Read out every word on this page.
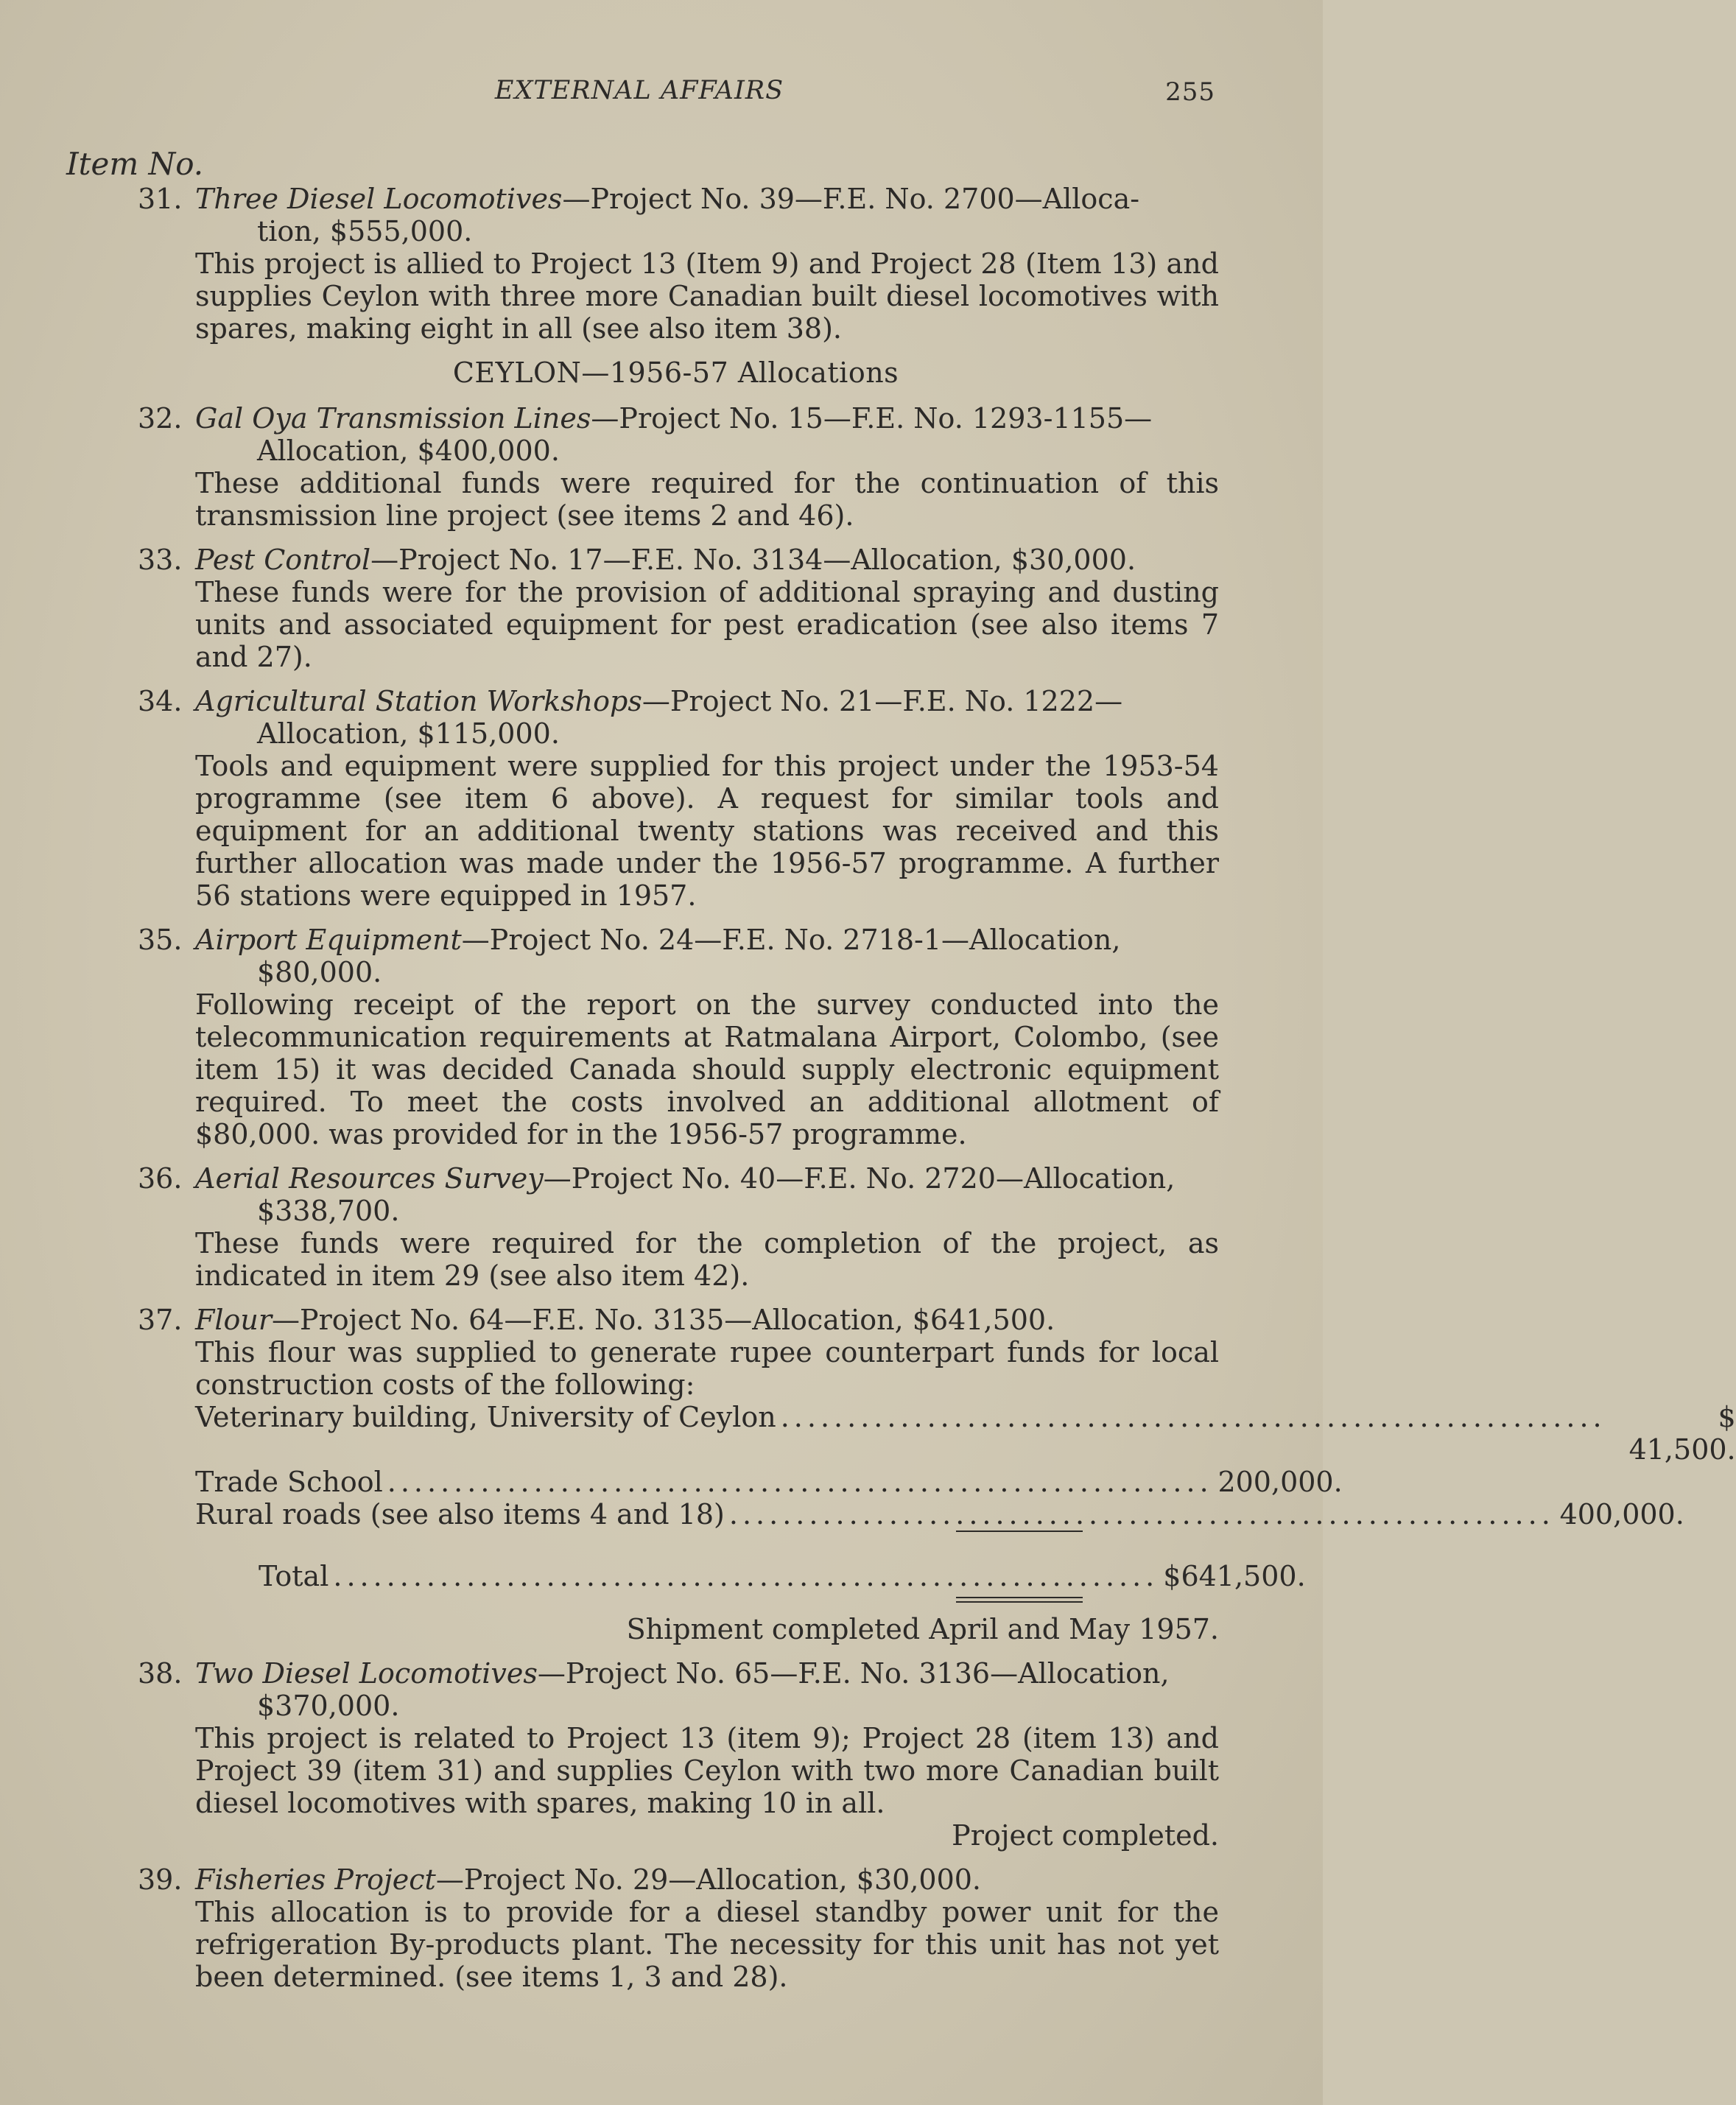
EXTERNAL AFFAIRS	255
Item No.
31. Three Diesel Locomotives—Project No. 39—F.E. No. 2700—Alloca-

tion, $555,000.

This project is allied to Project 13 (Item 9) and Project 28 (Item 13) and supplies Ceylon with three more Canadian built diesel locomotives with spares, making eight in all (see also item 38).

CEYLON—1956-57 Allocations
32. Gal Oya Transmission Lines—Project No. 15—F.E. No. 1293-1155—

Allocation, $400,000.

These additional funds were required for the continuation of this transmission line project (see items 2 and 46).

33. Pest Control—Project No. 17—F.E. No. 3134—Allocation, $30,000.

These funds were for the provision of additional spraying and dusting units and associated equipment for pest eradication (see also items 7 and 27).

34. Agricultural Station Workshops—Project No. 21—F.E. No. 1222—

Allocation, $115,000.

Tools and equipment were supplied for this project under the 1953-54 programme (see item 6 above). A request for similar tools and equipment for an additional twenty stations was received and this further allocation was made under the 1956-57 programme. A further 56 stations were equipped in 1957.

35. Airport Equipment—Project No. 24—F.E. No. 2718-1—Allocation,

$80,000.

Following receipt of the report on the survey conducted into the telecommunication requirements at Ratmalana Airport, Colombo, (see item 15) it was decided Canada should supply electronic equipment required. To meet the costs involved an additional allotment of $80,000. was provided for in the 1956-57 programme.

36. Aerial Resources Survey—Project No. 40—F.E. No. 2720—Allocation,

$338,700.

These funds were required for the completion of the project, as indicated in item 29 (see also item 42).

37. Flour—Project No. 64—F.E. No. 3135—Allocation, $641,500.

This flour was supplied to generate rupee counterpart funds for local construction costs of the following:

Veterinary building, University of Ceylon ..............................................................	$ 41,500.
Trade School .............................................................. 200,000.
Rural roads (see also items 4 and 18) .............................................................. 400,000.
Total .............................................................. $641,500.

Shipment completed April and May 1957.

38. Two Diesel Locomotives—Project No. 65—F.E. No. 3136—Allocation,

$370,000.

This project is related to Project 13 (item 9); Project 28 (item 13) and Project 39 (item 31) and supplies Ceylon with two more Canadian built diesel locomotives with spares, making 10 in all.

Project completed.

39. Fisheries Project—Project No. 29—Allocation, $30,000.

This allocation is to provide for a diesel standby power unit for the refrigeration By-products plant. The necessity for this unit has not yet been determined. (see items 1, 3 and 28).
